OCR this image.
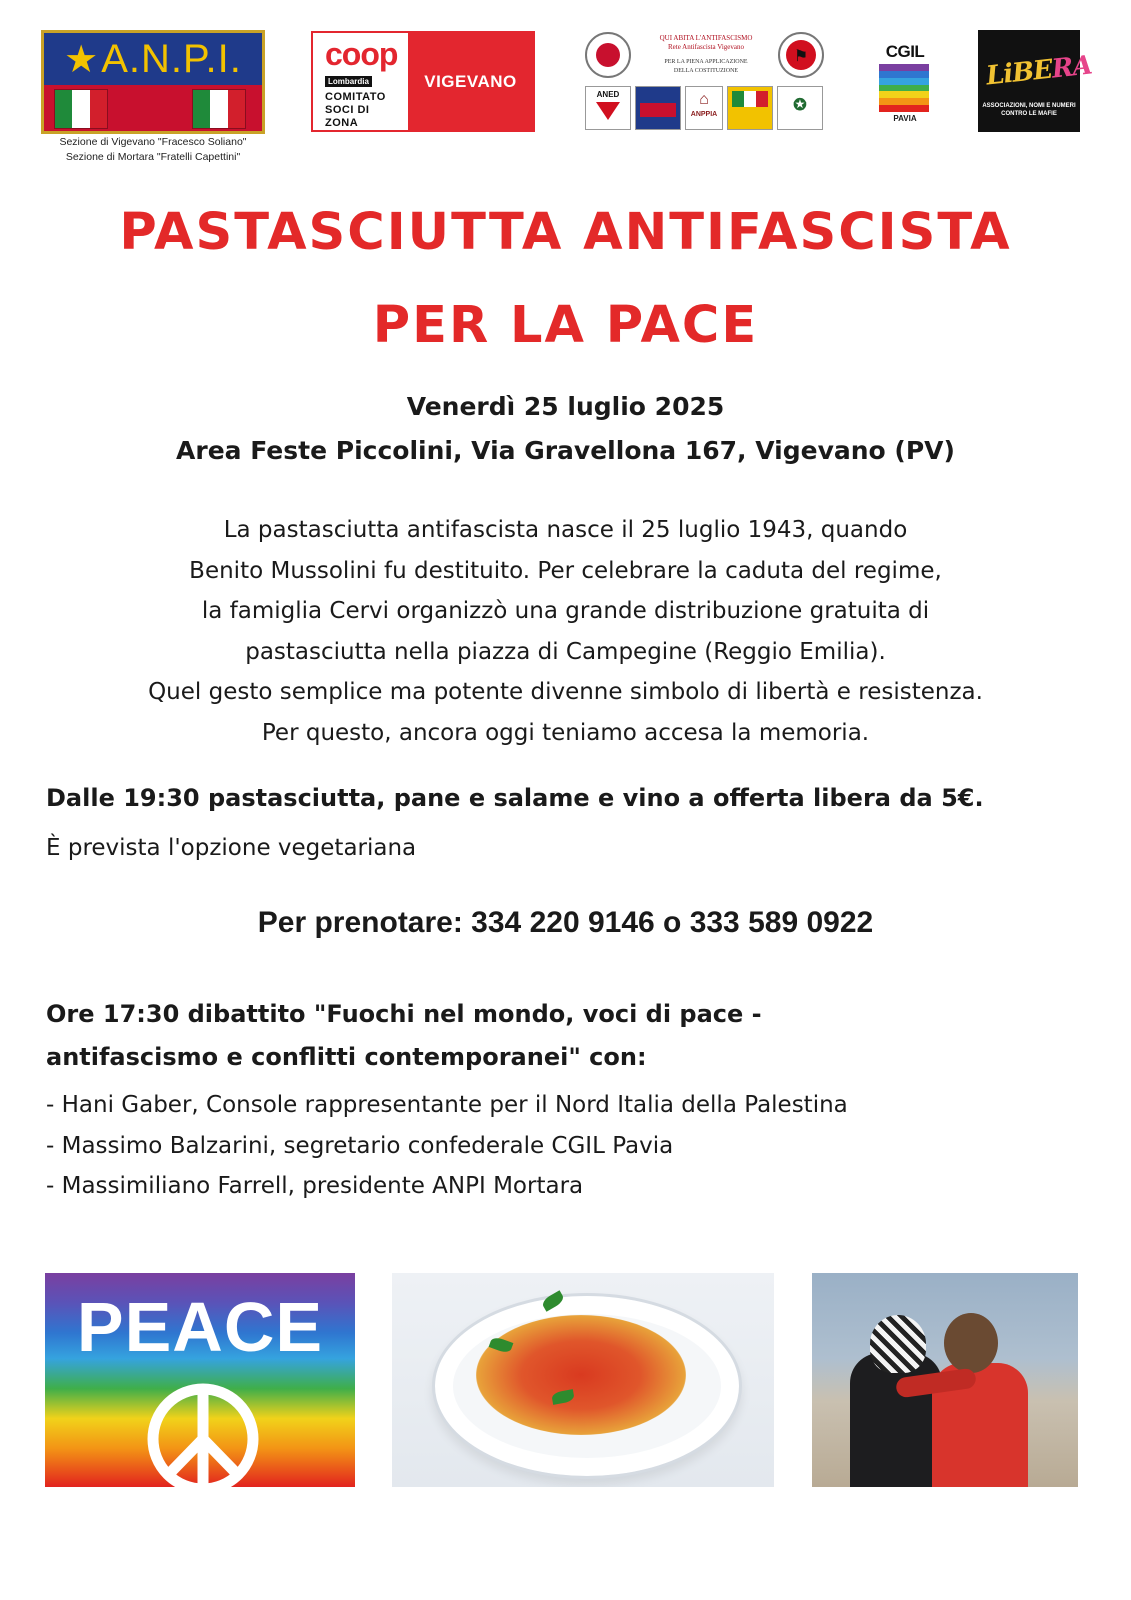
★ A.N.P.I.
Sezione di Vigevano "Fracesco Soliano"
Sezione di Mortara "Fratelli Capettini"
coop
Lombardia
COMITATO
SOCI DI
ZONA
VIGEVANO
QUI ABITA L'ANTIFASCISMO
Rete Antifascista Vigevano
PER LA PIENA APPLICAZIONE
DELLA COSTITUZIONE
⚑
ANED	⌂
ANPPIA
✪
CGIL
PAVIA
LiBERA
ASSOCIAZIONI, NOMI E NUMERI
CONTRO LE MAFIE
PASTASCIUTTA ANTIFASCISTA
PER LA PACE
Venerdì 25 luglio 2025
Area Feste Piccolini, Via Gravellona 167, Vigevano (PV)
La pastasciutta antifascista nasce il 25 luglio 1943, quando
Benito Mussolini fu destituito. Per celebrare la caduta del regime,
la famiglia Cervi organizzò una grande distribuzione gratuita di
pastasciutta nella piazza di Campegine (Reggio Emilia).
Quel gesto semplice ma potente divenne simbolo di libertà e resistenza.
Per questo, ancora oggi teniamo accesa la memoria.
Dalle 19:30 pastasciutta, pane e salame e vino a offerta libera da 5€.
È prevista l'opzione vegetariana
Per prenotare: 334 220 9146 o 333 589 0922
Ore 17:30 dibattito "Fuochi nel mondo, voci di pace -
antifascismo e conflitti contemporanei" con:
- Hani Gaber, Console rappresentante per il Nord Italia della Palestina
- Massimo Balzarini, segretario confederale CGIL Pavia
- Massimiliano Farrell, presidente ANPI Mortara
PEACE
